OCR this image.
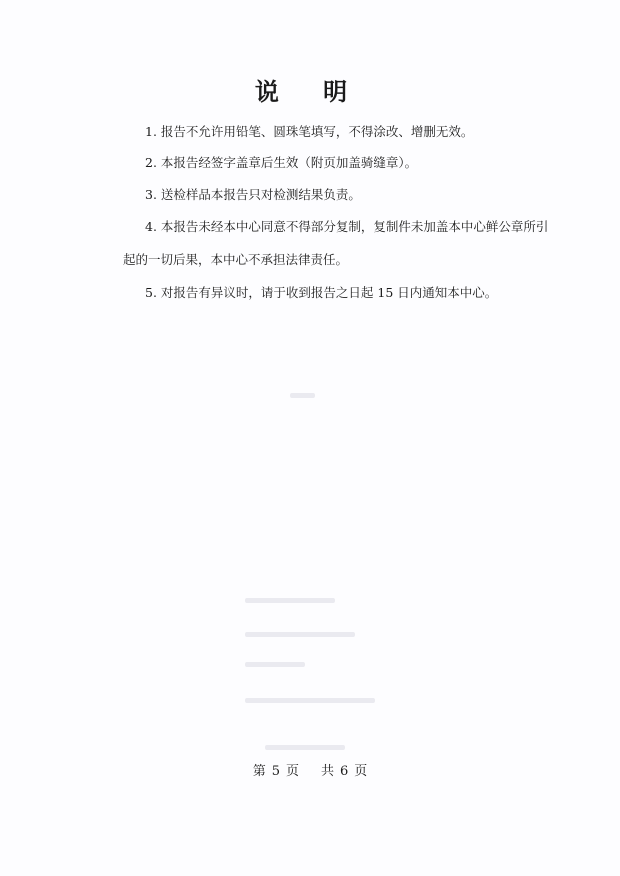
说 明
1. 报告不允许用铅笔、圆珠笔填写，不得涂改、增删无效。
2. 本报告经签字盖章后生效（附页加盖骑缝章）。
3. 送检样品本报告只对检测结果负责。
4. 本报告未经本中心同意不得部分复制，复制件未加盖本中心鲜公章所引
起的一切后果，本中心不承担法律责任。
5. 对报告有异议时，请于收到报告之日起 15 日内通知本中心。
第 5 页 共 6 页
